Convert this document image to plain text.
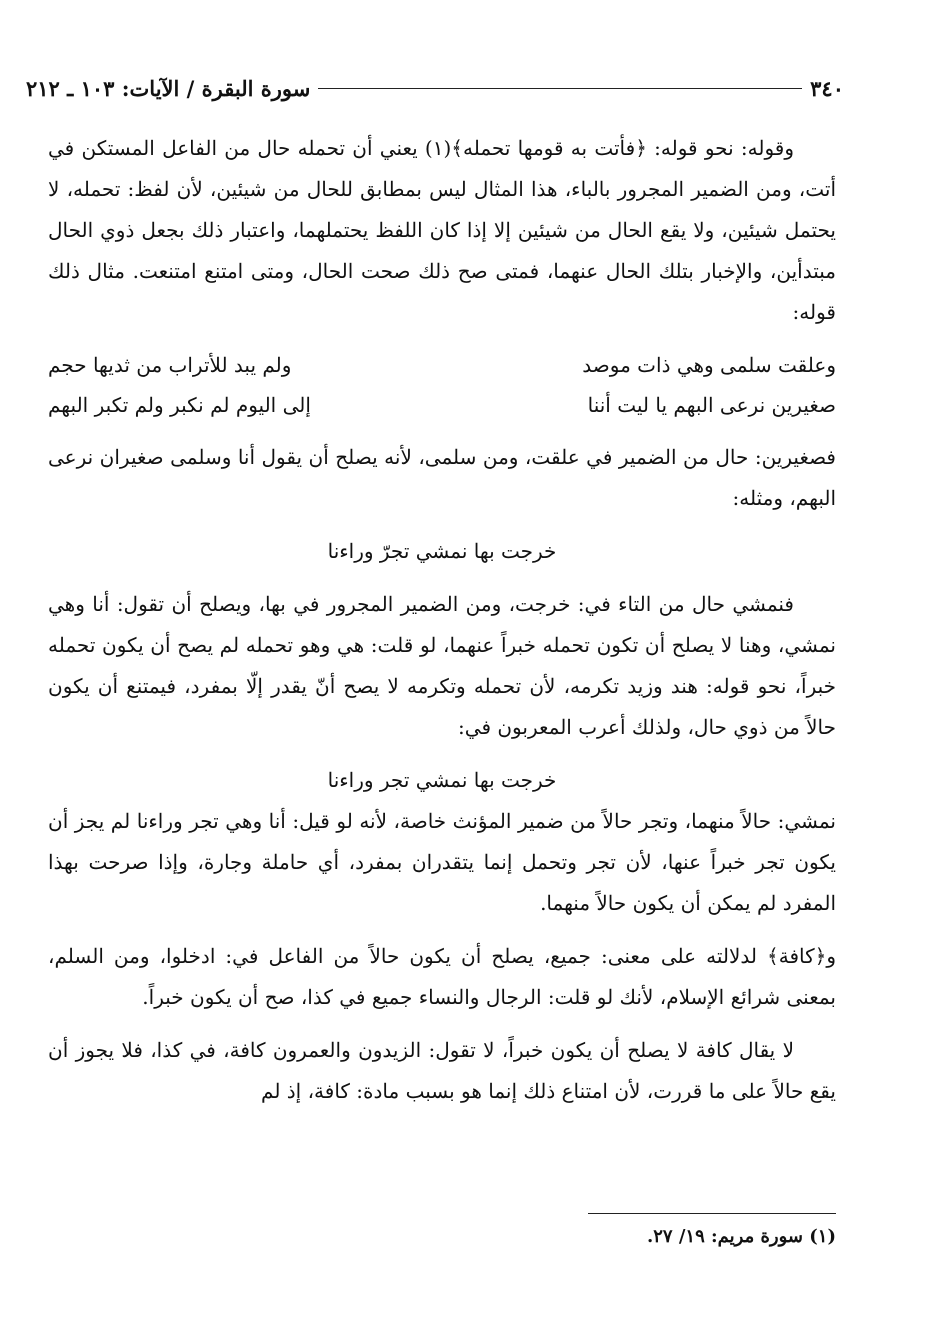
٣٤٠
سورة البقرة / الآيات: ١٠٣ ـ ٢١٢

وقوله: نحو قوله: ﴿فأتت به قومها تحمله﴾(١) يعني أن تحمله حال من الفاعل المستكن في أتت، ومن الضمير المجرور بالباء، هذا المثال ليس بمطابق للحال من شيئين، لأن لفظ: تحمله، لا يحتمل شيئين، ولا يقع الحال من شيئين إلا إذا كان اللفظ يحتملهما، واعتبار ذلك بجعل ذوي الحال مبتدأين، والإخبار بتلك الحال عنهما، فمتى صح ذلك صحت الحال، ومتى امتنع امتنعت. مثال ذلك قوله:

وعلقت سلمى وهي ذات موصد
ولم يبد للأتراب من ثديها حجم
صغيرين نرعى البهم يا ليت أننا
إلى اليوم لم نكبر ولم تكبر البهم

فصغيرين: حال من الضمير في علقت، ومن سلمى، لأنه يصلح أن يقول أنا وسلمى صغيران نرعى البهم، ومثله:

خرجت بها نمشي تجرّ وراءنا

فنمشي حال من التاء في: خرجت، ومن الضمير المجرور في بها، ويصلح أن تقول: أنا وهي نمشي، وهنا لا يصلح أن تكون تحمله خبراً عنهما، لو قلت: هي وهو تحمله لم يصح أن يكون تحمله خبراً، نحو قوله: هند وزيد تكرمه، لأن تحمله وتكرمه لا يصح أنّ يقدر إلّا بمفرد، فيمتنع أن يكون حالاً من ذوي حال، ولذلك أعرب المعربون في:

خرجت بها نمشي تجر وراءنا

نمشي: حالاً منهما، وتجر حالاً من ضمير المؤنث خاصة، لأنه لو قيل: أنا وهي تجر وراءنا لم يجز أن يكون تجر خبراً عنها، لأن تجر وتحمل إنما يتقدران بمفرد، أي حاملة وجارة، وإذا صرحت بهذا المفرد لم يمكن أن يكون حالاً منهما.

و﴿كافة﴾ لدلالته على معنى: جميع، يصلح أن يكون حالاً من الفاعل في: ادخلوا، ومن السلم، بمعنى شرائع الإسلام، لأنك لو قلت: الرجال والنساء جميع في كذا، صح أن يكون خبراً.

لا يقال كافة لا يصلح أن يكون خبراً، لا تقول: الزيدون والعمرون كافة، في كذا، فلا يجوز أن يقع حالاً على ما قررت، لأن امتناع ذلك إنما هو بسبب مادة: كافة، إذ لم

(١) سورة مريم: ١٩/ ٢٧.
